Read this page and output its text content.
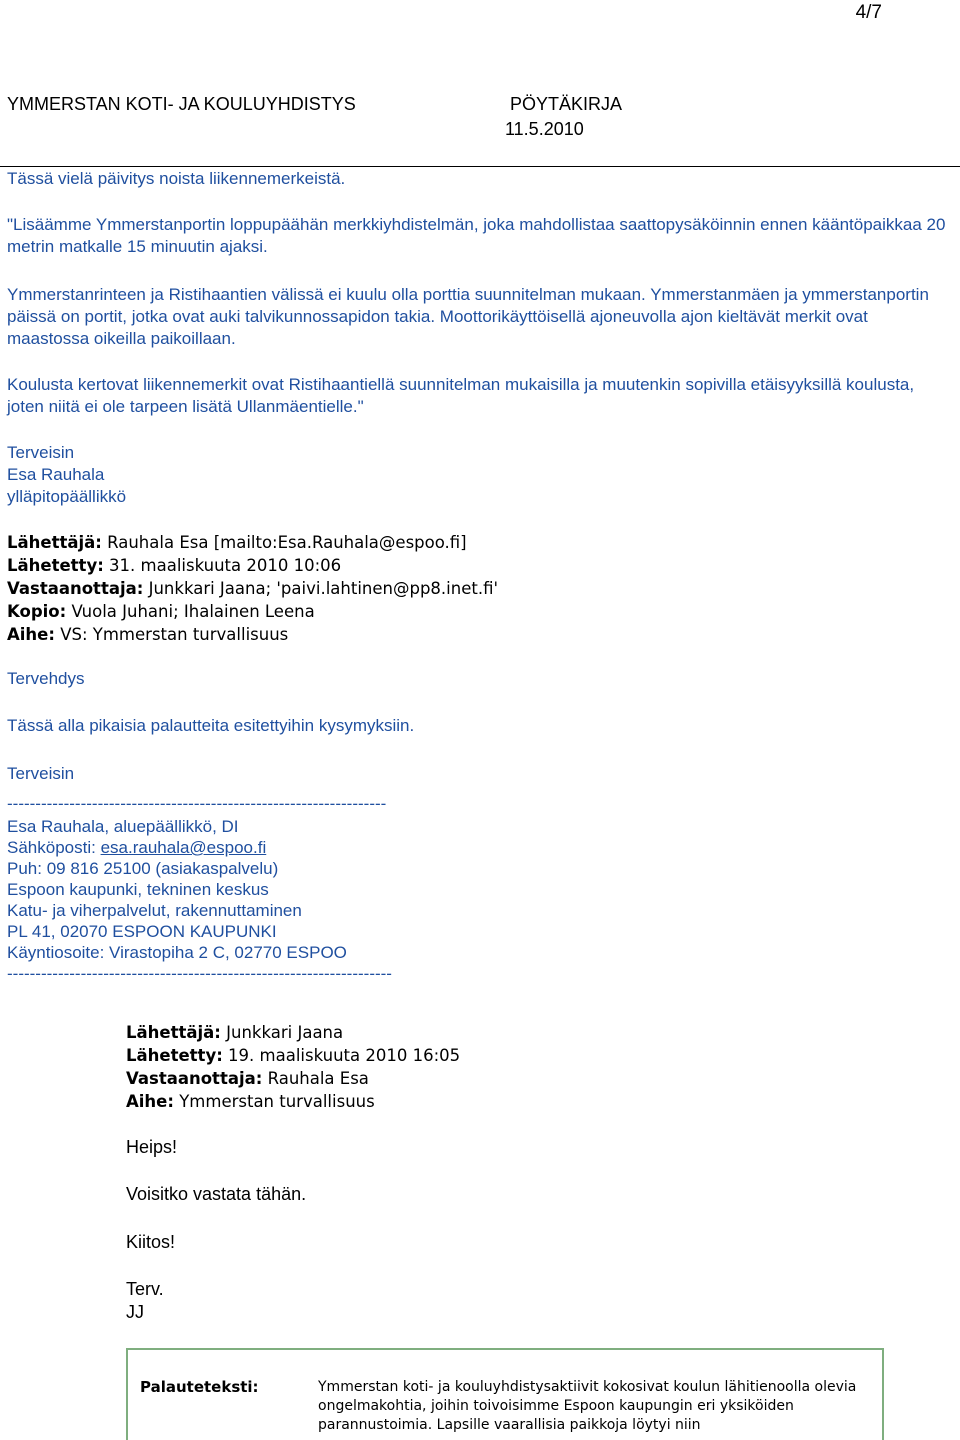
4/7
YMMERSTAN KOTI- JA KOULUYHDISTYS	PÖYTÄKIRJA
11.5.2010
Tässä vielä päivitys noista liikennemerkeistä.
"Lisäämme Ymmerstanportin loppupäähän merkkiyhdistelmän, joka mahdollistaa saattopysäköinnin ennen kääntöpaikkaa 20 metrin matkalle 15 minuutin ajaksi.
Ymmerstanrinteen ja Ristihaantien välissä ei kuulu olla porttia suunnitelman mukaan. Ymmerstanmäen ja ymmerstanportin päissä on portit, jotka ovat auki talvikunnossapidon takia. Moottorikäyttöisellä ajoneuvolla ajon kieltävät merkit ovat maastossa oikeilla paikoillaan.
Koulusta kertovat liikennemerkit ovat Ristihaantiellä suunnitelman mukaisilla ja muutenkin sopivilla etäisyyksillä koulusta, joten niitä ei ole tarpeen lisätä Ullanmäentielle."
Terveisin
Esa Rauhala
ylläpitopäällikkö
Lähettäjä: Rauhala Esa [mailto:Esa.Rauhala@espoo.fi]
Lähetetty: 31. maaliskuuta 2010 10:06
Vastaanottaja: Junkkari Jaana; 'paivi.lahtinen@pp8.inet.fi'
Kopio: Vuola Juhani; Ihalainen Leena
Aihe: VS: Ymmerstan turvallisuus
Tervehdys
Tässä alla pikaisia palautteita esitettyihin kysymyksiin.
Terveisin
-------------------------------------------------------------------
Esa Rauhala, aluepäällikkö, DI
Sähköposti: esa.rauhala@espoo.fi
Puh: 09 816 25100 (asiakaspalvelu)
Espoon kaupunki, tekninen keskus
Katu- ja viherpalvelut, rakennuttaminen
PL 41, 02070 ESPOON KAUPUNKI
Käyntiosoite: Virastopiha 2 C, 02770 ESPOO
--------------------------------------------------------------------
Lähettäjä: Junkkari Jaana
Lähetetty: 19. maaliskuuta 2010 16:05
Vastaanottaja: Rauhala Esa
Aihe: Ymmerstan turvallisuus
Heips!
Voisitko vastata tähän.
Kiitos!
Terv.
JJ
Palauteteksti:	Ymmerstan koti- ja kouluyhdistysaktiivit kokosivat koulun lähitienoolla olevia ongelmakohtia, joihin toivoisimme Espoon kaupungin eri yksiköiden parannustoimia. Lapsille vaarallisia paikkoja löytyi niin
